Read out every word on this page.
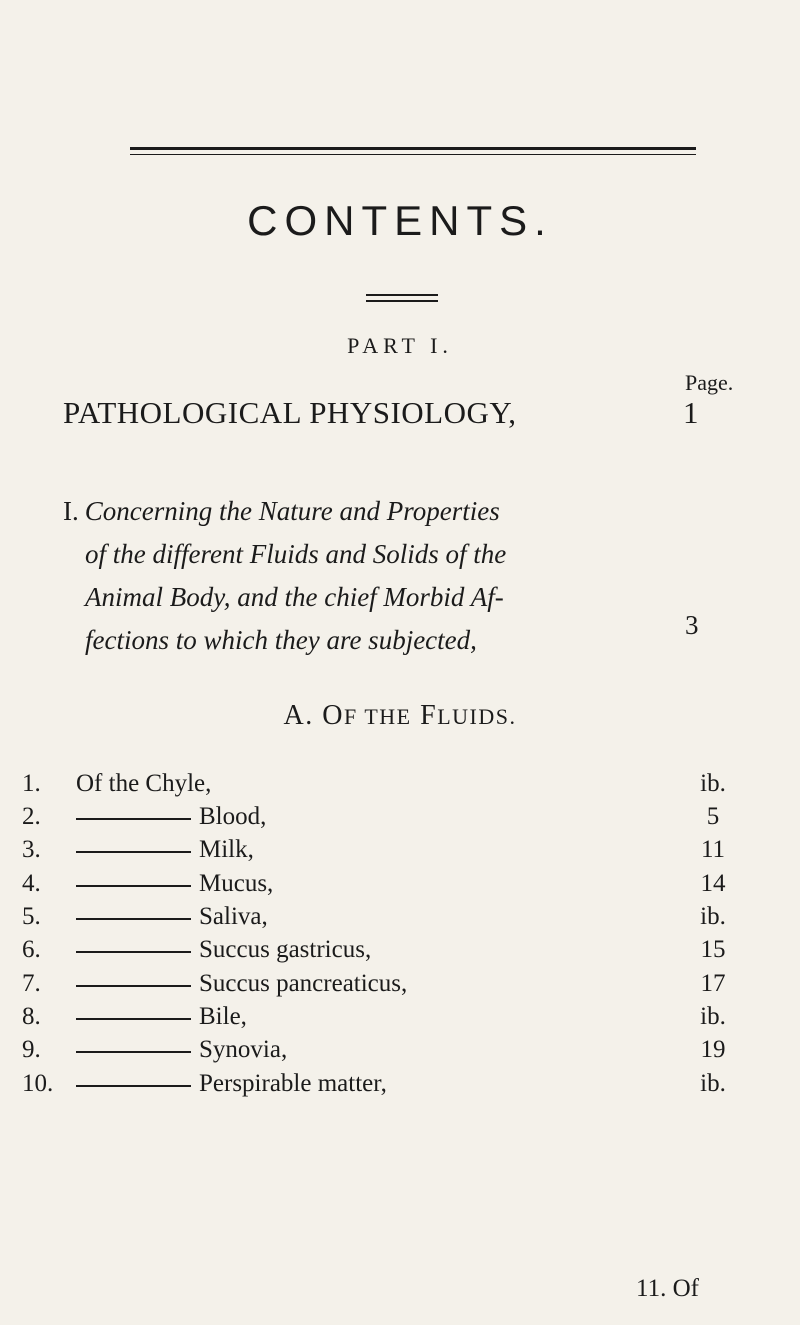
CONTENTS.
PART I.
Page.
PATHOLOGICAL PHYSIOLOGY,	1
I. Concerning the Nature and Properties
of the different Fluids and Solids of the
Animal Body, and the chief Morbid Af-
fections to which they are subjected,	3
A. OF THE FLUIDS.
1.	Of the Chyle,	ib.
2.	Blood,	5
3.	Milk,	11
4.	Mucus,	14
5.	Saliva,	ib.
6.	Succus gastricus,	15
7.	Succus pancreaticus,	17
8.	Bile,	ib.
9.	Synovia,	19
10.	Perspirable matter,	ib.
11. Of
